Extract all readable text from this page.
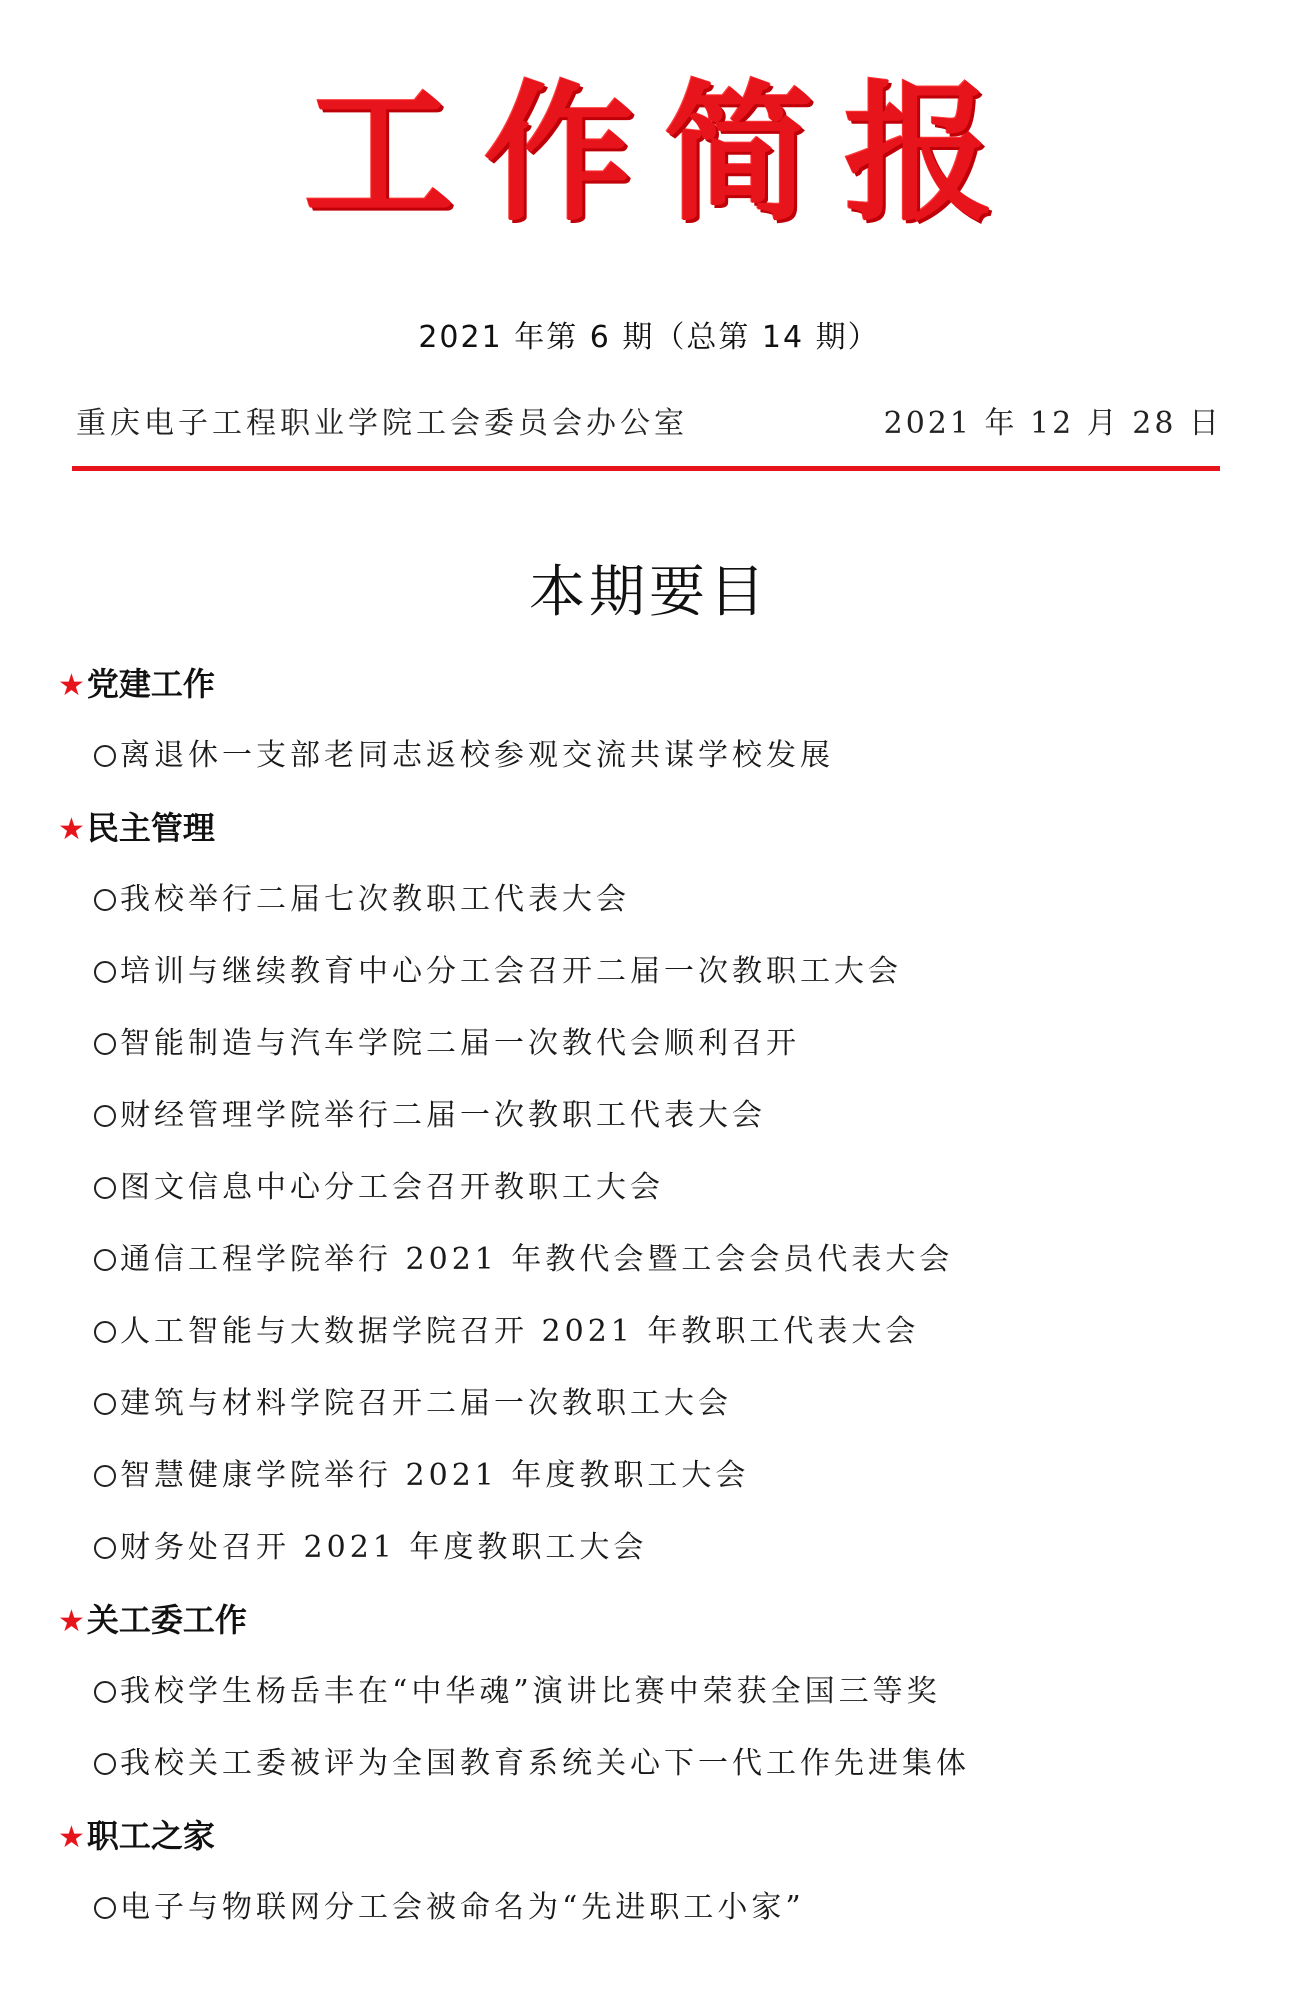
工作简报
2021 年第 6 期（总第 14 期）
重庆电子工程职业学院工会委员会办公室	2021 年 12 月 28 日
本期要目
★党建工作
离退休一支部老同志返校参观交流共谋学校发展
★民主管理
我校举行二届七次教职工代表大会
培训与继续教育中心分工会召开二届一次教职工大会
智能制造与汽车学院二届一次教代会顺利召开
财经管理学院举行二届一次教职工代表大会
图文信息中心分工会召开教职工大会
通信工程学院举行 2021 年教代会暨工会会员代表大会
人工智能与大数据学院召开 2021 年教职工代表大会
建筑与材料学院召开二届一次教职工大会
智慧健康学院举行 2021 年度教职工大会
财务处召开 2021 年度教职工大会
★关工委工作
我校学生杨岳丰在“中华魂”演讲比赛中荣获全国三等奖
我校关工委被评为全国教育系统关心下一代工作先进集体
★职工之家
电子与物联网分工会被命名为“先进职工小家”
